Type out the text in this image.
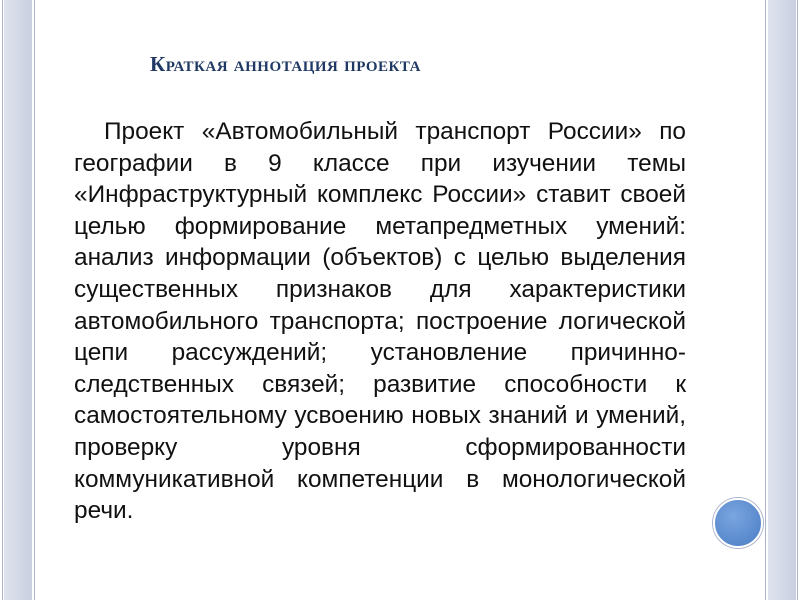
Краткая аннотация проекта

Проект «Автомобильный транспорт России» по географии в 9 классе при изучении темы «Инфраструктурный комплекс России» ставит своей целью формирование метапредметных умений: анализ информации (объектов) с целью выделения существенных признаков для характеристики автомобильного транспорта; построение логической цепи рассуждений; установление причинно-следственных связей; развитие способности к самостоятельному усвоению новых знаний и умений, проверку уровня сформированности коммуникативной компетенции в монологической речи.
